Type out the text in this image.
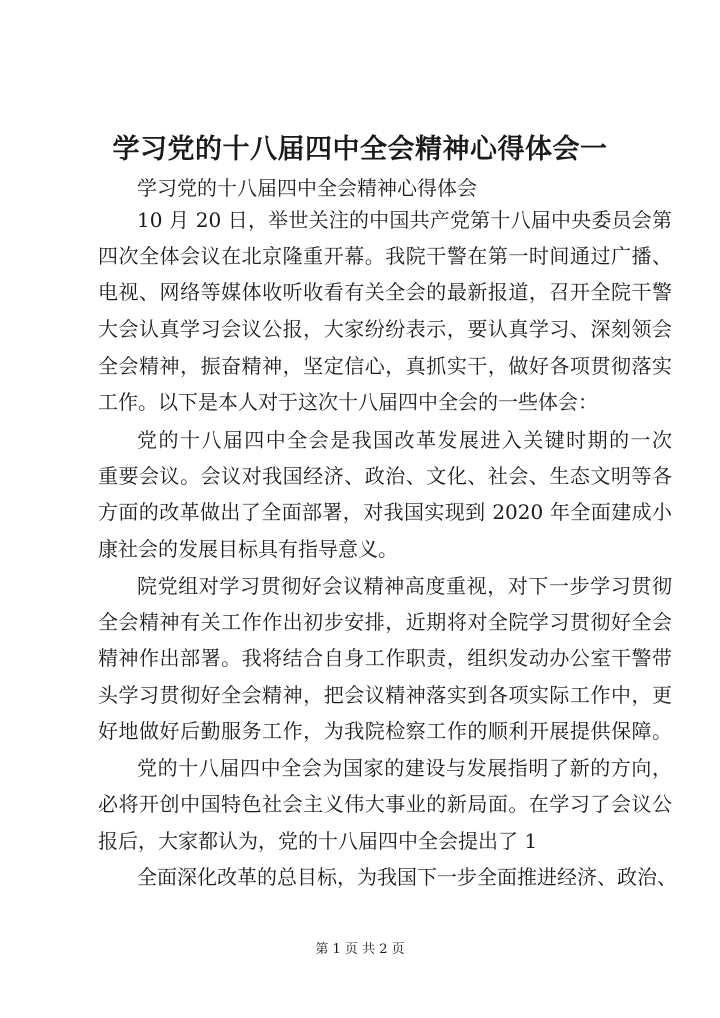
学习党的十八届四中全会精神心得体会一
学习党的十八届四中全会精神心得体会
10 月 20 日，举世关注的中国共产党第十八届中央委员会第
四次全体会议在北京隆重开幕。我院干警在第一时间通过广播、
电视、网络等媒体收听收看有关全会的最新报道，召开全院干警
大会认真学习会议公报，大家纷纷表示，要认真学习、深刻领会
全会精神，振奋精神，坚定信心，真抓实干，做好各项贯彻落实
工作。以下是本人对于这次十八届四中全会的一些体会：
党的十八届四中全会是我国改革发展进入关键时期的一次
重要会议。会议对我国经济、政治、文化、社会、生态文明等各
方面的改革做出了全面部署，对我国实现到 2020 年全面建成小
康社会的发展目标具有指导意义。
院党组对学习贯彻好会议精神高度重视，对下一步学习贯彻
全会精神有关工作作出初步安排，近期将对全院学习贯彻好全会
精神作出部署。我将结合自身工作职责，组织发动办公室干警带
头学习贯彻好全会精神，把会议精神落实到各项实际工作中，更
好地做好后勤服务工作，为我院检察工作的顺利开展提供保障。
党的十八届四中全会为国家的建设与发展指明了新的方向，
必将开创中国特色社会主义伟大事业的新局面。在学习了会议公
报后，大家都认为，党的十八届四中全会提出了 1
全面深化改革的总目标，为我国下一步全面推进经济、政治、
第 1 页 共 2 页
